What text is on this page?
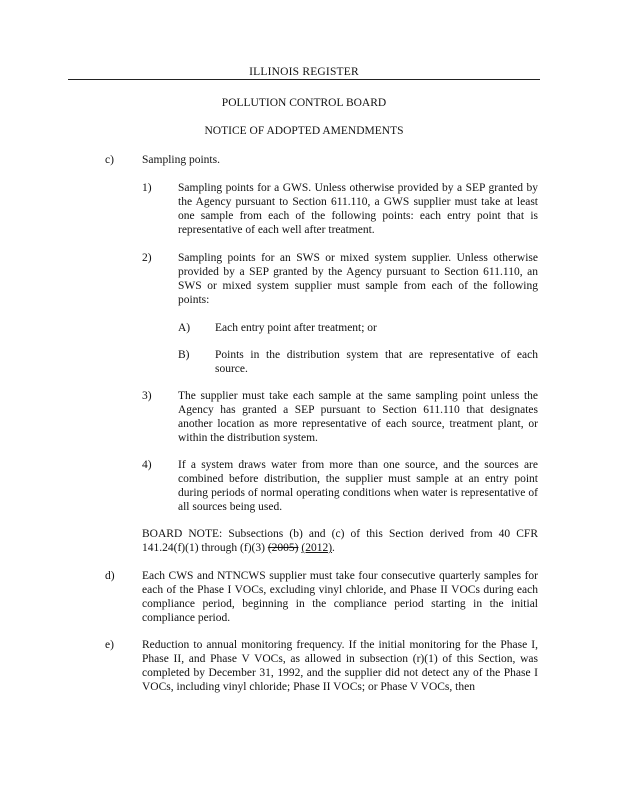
ILLINOIS REGISTER
POLLUTION CONTROL BOARD
NOTICE OF ADOPTED AMENDMENTS
c) Sampling points.
1) Sampling points for a GWS. Unless otherwise provided by a SEP granted by the Agency pursuant to Section 611.110, a GWS supplier must take at least one sample from each of the following points: each entry point that is representative of each well after treatment.
2) Sampling points for an SWS or mixed system supplier. Unless otherwise provided by a SEP granted by the Agency pursuant to Section 611.110, an SWS or mixed system supplier must sample from each of the following points:
A) Each entry point after treatment; or
B) Points in the distribution system that are representative of each source.
3) The supplier must take each sample at the same sampling point unless the Agency has granted a SEP pursuant to Section 611.110 that designates another location as more representative of each source, treatment plant, or within the distribution system.
4) If a system draws water from more than one source, and the sources are combined before distribution, the supplier must sample at an entry point during periods of normal operating conditions when water is representative of all sources being used.
BOARD NOTE: Subsections (b) and (c) of this Section derived from 40 CFR 141.24(f)(1) through (f)(3) (2005) (2012).
d) Each CWS and NTNCWS supplier must take four consecutive quarterly samples for each of the Phase I VOCs, excluding vinyl chloride, and Phase II VOCs during each compliance period, beginning in the compliance period starting in the initial compliance period.
e) Reduction to annual monitoring frequency. If the initial monitoring for the Phase I, Phase II, and Phase V VOCs, as allowed in subsection (r)(1) of this Section, was completed by December 31, 1992, and the supplier did not detect any of the Phase I VOCs, including vinyl chloride; Phase II VOCs; or Phase V VOCs, then
